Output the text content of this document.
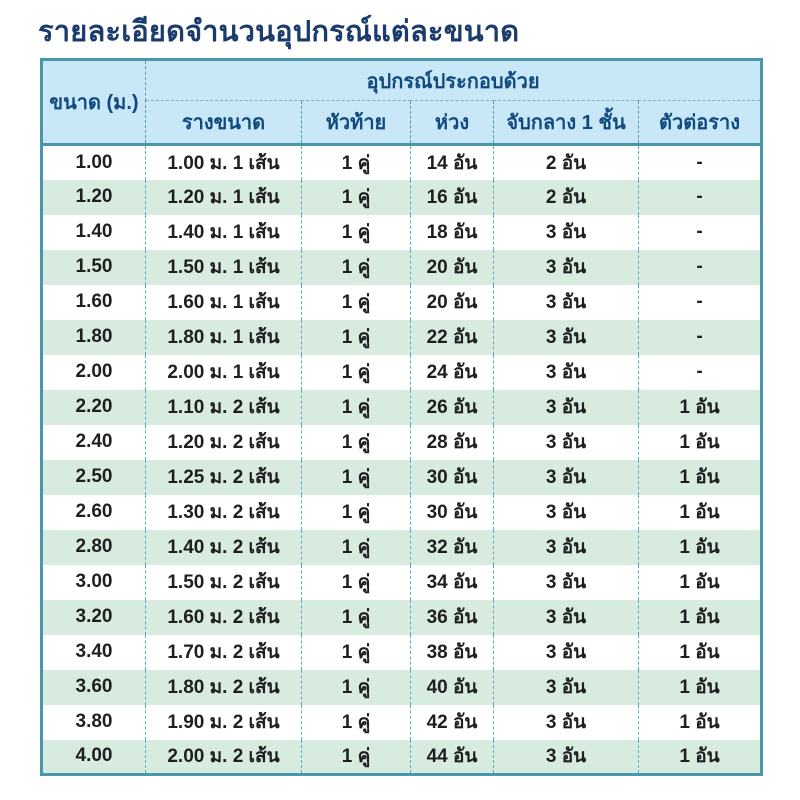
รายละเอียดจำนวนอุปกรณ์แต่ละขนาด
ขนาด (ม.)	อุปกรณ์ประกอบด้วย				
	รางขนาด	หัวท้าย	ห่วง	จับกลาง 1 ชั้น	ตัวต่อราง
1.00	1.00 ม. 1 เส้น	1 คู่	14 อัน	2 อัน	-
1.20	1.20 ม. 1 เส้น	1 คู่	16 อัน	2 อัน	-
1.40	1.40 ม. 1 เส้น	1 คู่	18 อัน	3 อัน	-
1.50	1.50 ม. 1 เส้น	1 คู่	20 อัน	3 อัน	-
1.60	1.60 ม. 1 เส้น	1 คู่	20 อัน	3 อัน	-
1.80	1.80 ม. 1 เส้น	1 คู่	22 อัน	3 อัน	-
2.00	2.00 ม. 1 เส้น	1 คู่	24 อัน	3 อัน	-
2.20	1.10 ม. 2 เส้น	1 คู่	26 อัน	3 อัน	1 อัน
2.40	1.20 ม. 2 เส้น	1 คู่	28 อัน	3 อัน	1 อัน
2.50	1.25 ม. 2 เส้น	1 คู่	30 อัน	3 อัน	1 อัน
2.60	1.30 ม. 2 เส้น	1 คู่	30 อัน	3 อัน	1 อัน
2.80	1.40 ม. 2 เส้น	1 คู่	32 อัน	3 อัน	1 อัน
3.00	1.50 ม. 2 เส้น	1 คู่	34 อัน	3 อัน	1 อัน
3.20	1.60 ม. 2 เส้น	1 คู่	36 อัน	3 อัน	1 อัน
3.40	1.70 ม. 2 เส้น	1 คู่	38 อัน	3 อัน	1 อัน
3.60	1.80 ม. 2 เส้น	1 คู่	40 อัน	3 อัน	1 อัน
3.80	1.90 ม. 2 เส้น	1 คู่	42 อัน	3 อัน	1 อัน
4.00	2.00 ม. 2 เส้น	1 คู่	44 อัน	3 อัน	1 อัน
